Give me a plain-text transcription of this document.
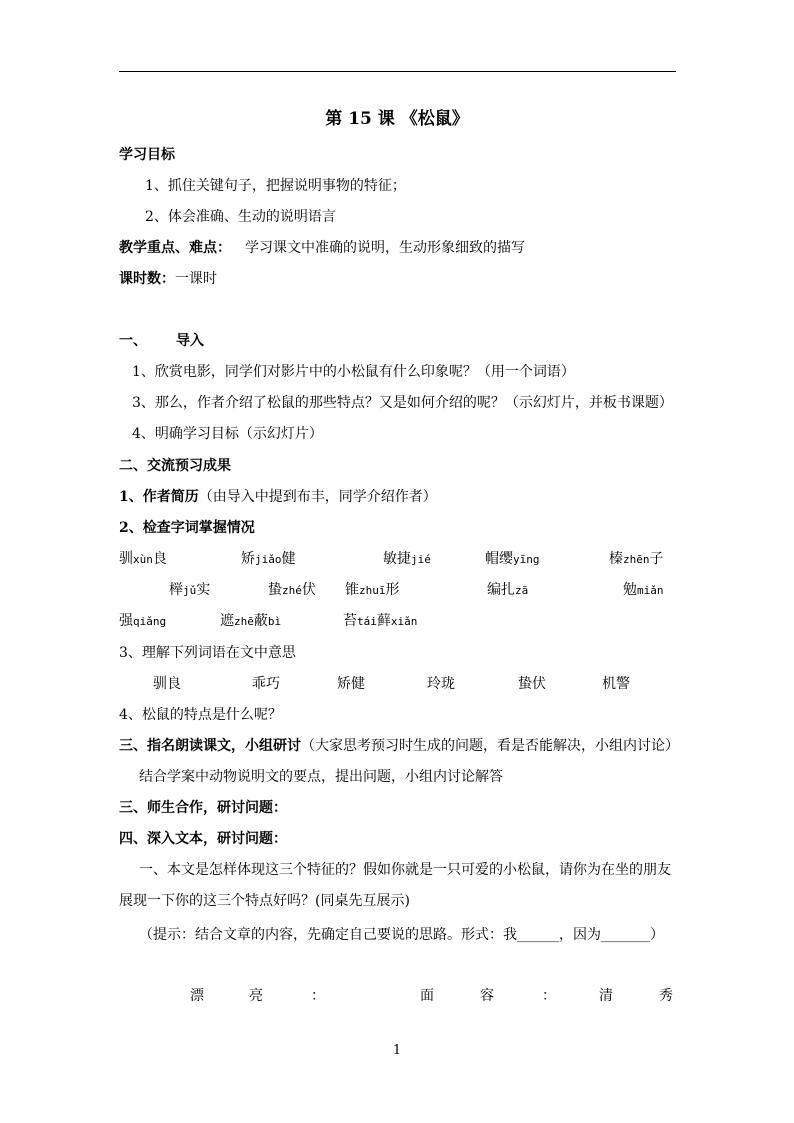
第 15 课 《松鼠》
学习目标
1、抓住关键句子，把握说明事物的特征；
2、体会准确、生动的说明语言
教学重点、难点： 学习课文中准确的说明，生动形象细致的描写
课时数：一课时
一、 导入
1、欣赏电影，同学们对影片中的小松鼠有什么印象呢？（用一个词语）
3、那么，作者介绍了松鼠的那些特点？又是如何介绍的呢？（示幻灯片，并板书课题）
4、明确学习目标（示幻灯片）
二、交流预习成果
1、作者简历（由导入中提到布丰，同学介绍作者）
2、检查字词掌握情况
驯xùn良	矫jiǎo健	敏捷jié	帽缨yīng	榛zhēn子
榉jǔ实	蛰zhé伏 锥zhuī形	编扎zā	勉miǎn
强qiǎng	遮zhē蔽bì	苔tái藓xiǎn
3、理解下列词语在文中意思
驯良	乖巧	矫健	玲珑	蛰伏	机警
4、松鼠的特点是什么呢？
三、指名朗读课文，小组研讨（大家思考预习时生成的问题，看是否能解决，小组内讨论）
结合学案中动物说明文的要点，提出问题，小组内讨论解答
三、师生合作，研讨问题：
四、深入文本，研讨问题：
一、本文是怎样体现这三个特征的？假如你就是一只可爱的小松鼠，请你为在坐的朋友
展现一下你的这三个特点好吗？(同桌先互展示)
（提示：结合文章的内容，先确定自己要说的思路。形式：我______，因为_______）
漂	亮	：	面	容	：	清	秀
1
